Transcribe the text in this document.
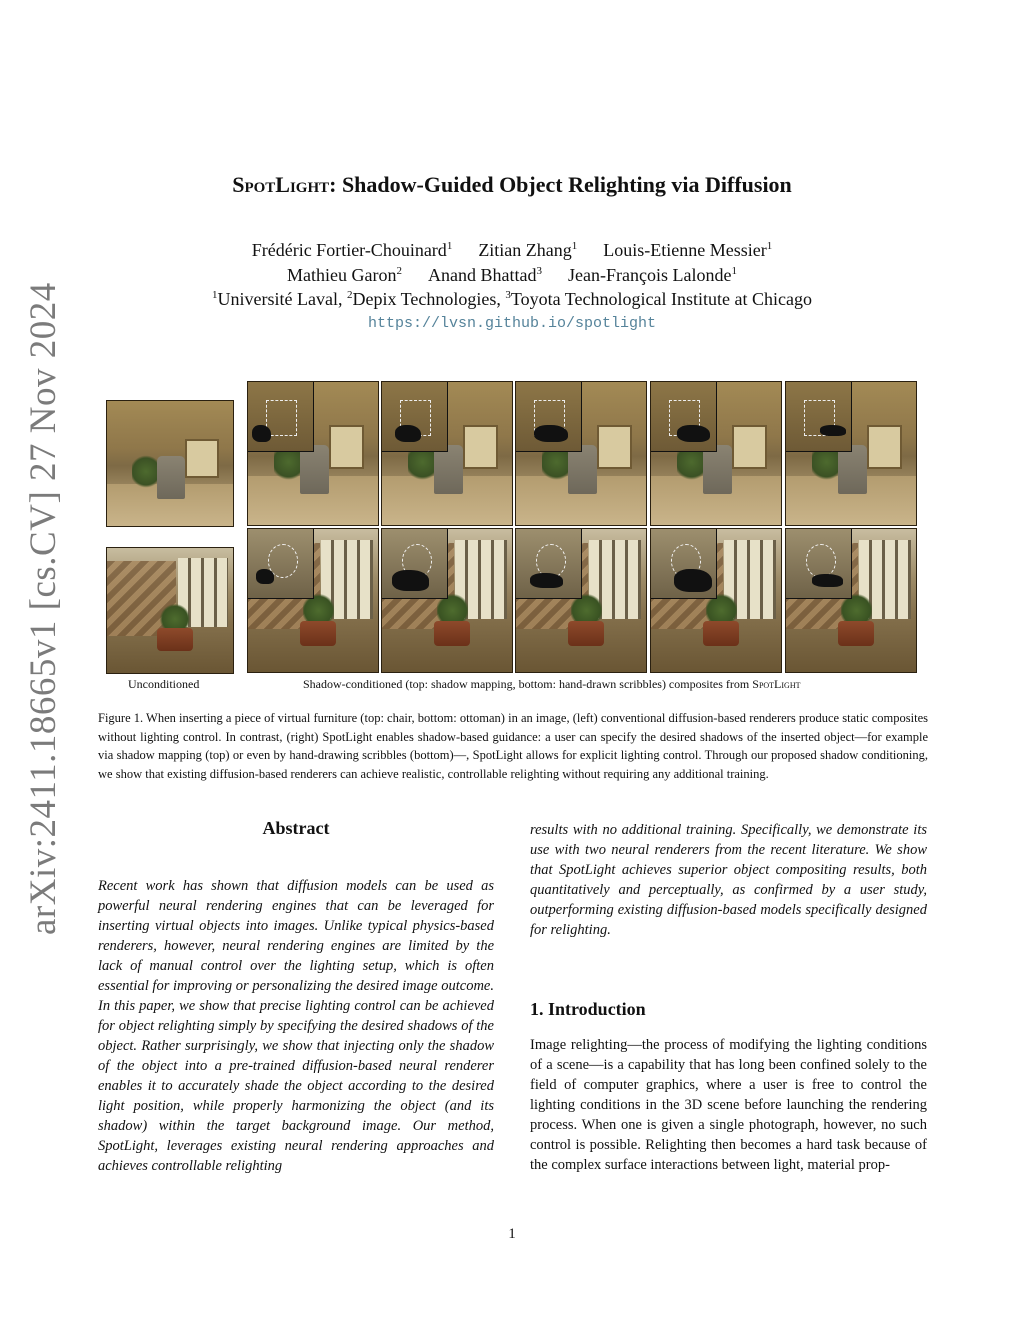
arXiv:2411.18665v1 [cs.CV] 27 Nov 2024
SpotLight: Shadow-Guided Object Relighting via Diffusion
Frédéric Fortier-Chouinard$^1$ Zitian Zhang$^1$ Louis-Etienne Messier$^1$
Mathieu Garon$^2$ Anand Bhattad$^3$ Jean-François Lalonde$^1$
$^1$Université Laval, $^2$Depix Technologies, $^3$Toyota Technological Institute at Chicago
https://lvsn.github.io/spotlight
Unconditioned	Shadow-conditioned (top: shadow mapping, bottom: hand-drawn scribbles) composites from SpotLight
Figure 1. When inserting a piece of virtual furniture (top: chair, bottom: ottoman) in an image, (left) conventional diffusion-based renderers produce static composites without lighting control. In contrast, (right) SpotLight enables shadow-based guidance: a user can specify the desired shadows of the inserted object—for example via shadow mapping (top) or even by hand-drawing scribbles (bottom)—, SpotLight allows for explicit lighting control. Through our proposed shadow conditioning, we show that existing diffusion-based renderers can achieve realistic, controllable relighting without requiring any additional training.
Abstract
Recent work has shown that diffusion models can be used as powerful neural rendering engines that can be leveraged for inserting virtual objects into images. Unlike typical physics-based renderers, however, neural rendering engines are limited by the lack of manual control over the lighting setup, which is often essential for improving or personalizing the desired image outcome. In this paper, we show that precise lighting control can be achieved for object relighting simply by specifying the desired shadows of the object. Rather surprisingly, we show that injecting only the shadow of the object into a pre-trained diffusion-based neural renderer enables it to accurately shade the object according to the desired light position, while properly harmonizing the object (and its shadow) within the target background image. Our method, SpotLight, leverages existing neural rendering approaches and achieves controllable relighting
results with no additional training. Specifically, we demonstrate its use with two neural renderers from the recent literature. We show that SpotLight achieves superior object compositing results, both quantitatively and perceptually, as confirmed by a user study, outperforming existing diffusion-based models specifically designed for relighting.
1. Introduction
Image relighting—the process of modifying the lighting conditions of a scene—is a capability that has long been confined solely to the field of computer graphics, where a user is free to control the lighting conditions in the 3D scene before launching the rendering process. When one is given a single photograph, however, no such control is possible. Relighting then becomes a hard task because of the complex surface interactions between light, material prop-
1
